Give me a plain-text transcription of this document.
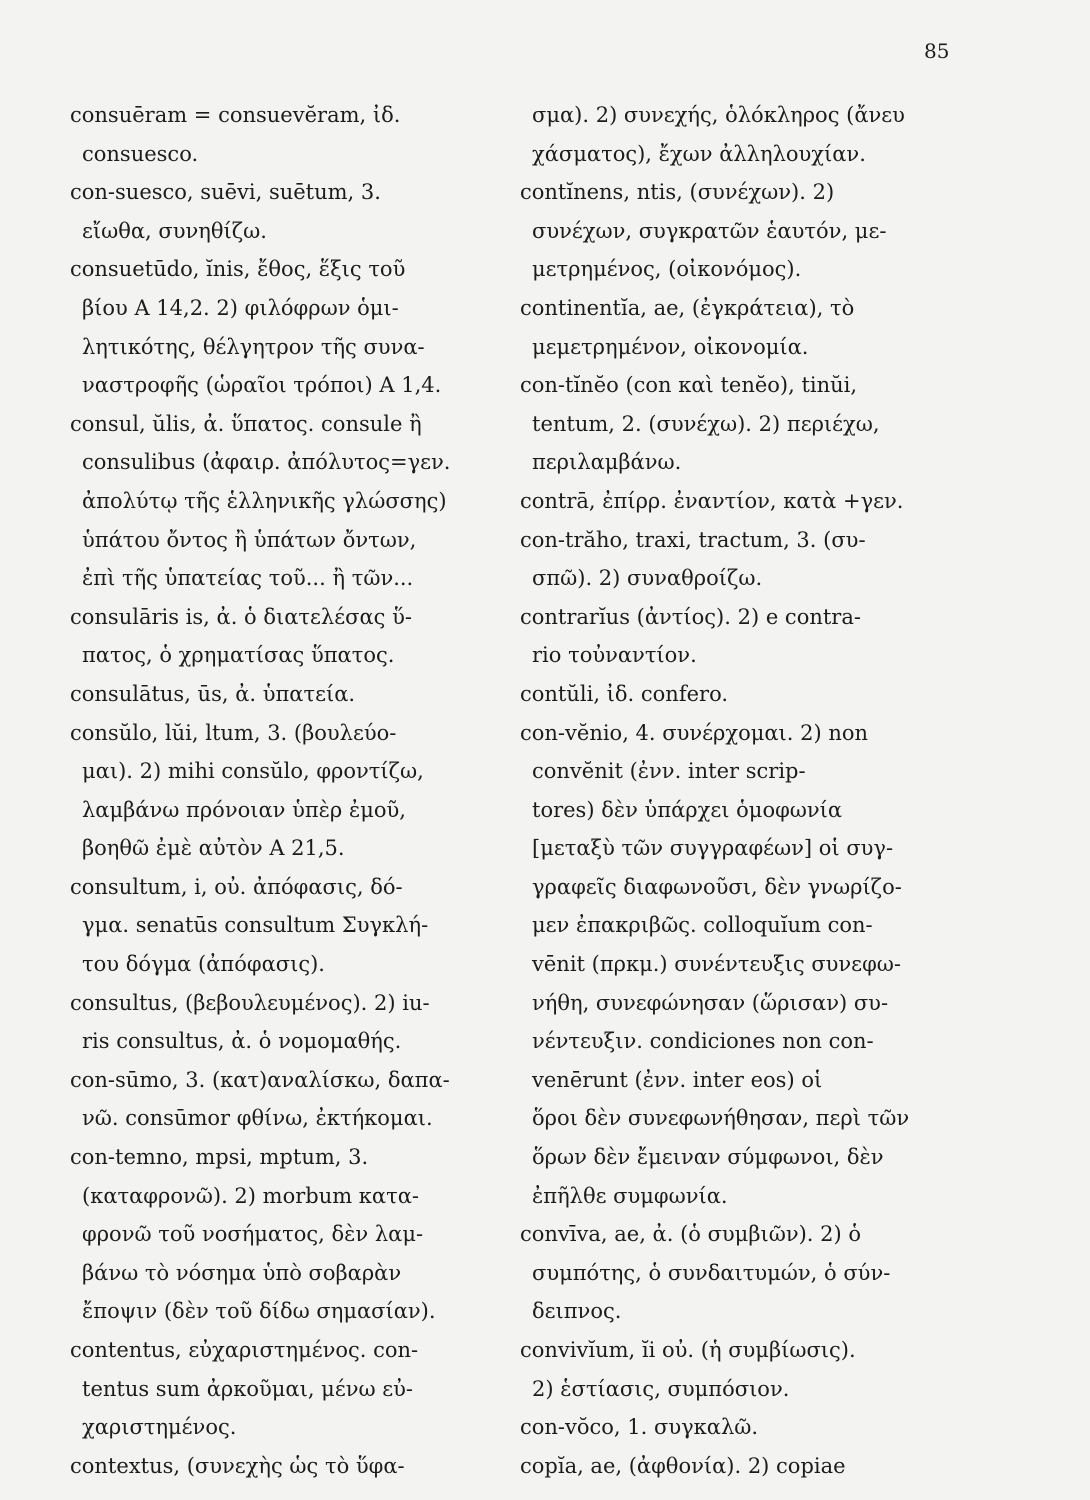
85
consuēram = consuevĕram, ἰδ.
consuesco.
con-suesco, suēvi, suētum, 3.
εἴωθα, συνηθίζω.
consuetūdo, ĭnis, ἔθος, ἕξις τοῦ
βίου Α 14,2. 2) φιλόφρων ὁμι-
λητικότης, θέλγητρον τῆς συνα-
ναστροφῆς (ὡραῖοι τρόποι) Α 1,4.
consul, ŭlis, ἀ. ὕπατος. consule ἢ
consulibus (ἀφαιρ. ἀπόλυτος=γεν.
ἀπολύτῳ τῆς ἑλληνικῆς γλώσσης)
ὑπάτου ὄντος ἢ ὑπάτων ὄντων,
ἐπὶ τῆς ὑπατείας τοῦ... ἢ τῶν...
consulāris is, ἀ. ὁ διατελέσας ὕ-
πατος, ὁ χρηματίσας ὕπατος.
consulātus, ūs, ἀ. ὑπατεία.
consŭlo, lŭi, ltum, 3. (βουλεύο-
μαι). 2) mihi consŭlo, φροντίζω,
λαμβάνω πρόνοιαν ὑπὲρ ἐμοῦ,
βοηθῶ ἐμὲ αὐτὸν Α 21,5.
consultum, i, οὐ. ἀπόφασις, δό-
γμα. senatūs consultum Συγκλή-
του δόγμα (ἀπόφασις).
consultus, (βεβουλευμένος). 2) iu-
ris consultus, ἀ. ὁ νομομαθής.
con-sūmo, 3. (κατ)αναλίσκω, δαπα-
νῶ. consūmor φθίνω, ἐκτήκομαι.
con-temno, mpsi, mptum, 3.
(καταφρονῶ). 2) morbum κατα-
φρονῶ τοῦ νοσήματος, δὲν λαμ-
βάνω τὸ νόσημα ὑπὸ σοβαρὰν
ἔποψιν (δὲν τοῦ δίδω σημασίαν).
contentus, εὐχαριστημένος. con-
tentus sum ἀρκοῦμαι, μένω εὐ-
χαριστημένος.
contextus, (συνεχὴς ὡς τὸ ὕφα-
σμα). 2) συνεχής, ὁλόκληρος (ἄνευ
χάσματος), ἔχων ἀλληλουχίαν.
contĭnens, ntis, (συνέχων). 2)
συνέχων, συγκρατῶν ἑαυτόν, με-
μετρημένος, (οἰκονόμος).
continentĭa, ae, (ἐγκράτεια), τὸ
μεμετρημένον, οἰκονομία.
con-tĭnĕo (con καὶ tenĕo), tinŭi,
tentum, 2. (συνέχω). 2) περιέχω,
περιλαμβάνω.
contrā, ἐπίρρ. ἐναντίον, κατὰ +γεν.
con-trăho, traxi, tractum, 3. (συ-
σπῶ). 2) συναθροίζω.
contrarĭus (ἀντίος). 2) e contra-
rio τοὐναντίον.
contŭli, ἰδ. confero.
con-vĕnio, 4. συνέρχομαι. 2) non
convĕnit (ἐνν. inter scrip-
tores) δὲν ὑπάρχει ὁμοφωνία
[μεταξὺ τῶν συγγραφέων] οἱ συγ-
γραφεῖς διαφωνοῦσι, δὲν γνωρίζο-
μεν ἐπακριβῶς. colloquĭum con-
vēnit (πρκμ.) συνέντευξις συνεφω-
νήθη, συνεφώνησαν (ὥρισαν) συ-
νέντευξιν. condiciones non con-
venērunt (ἐνν. inter eos) οἱ
ὅροι δὲν συνεφωνήθησαν, περὶ τῶν
ὅρων δὲν ἔμειναν σύμφωνοι, δὲν
ἐπῆλθε συμφωνία.
convīva, ae, ἀ. (ὁ συμβιῶν). 2) ὁ
συμπότης, ὁ συνδαιτυμών, ὁ σύν-
δειπνος.
convivĭum, ĭi οὐ. (ἡ συμβίωσις).
2) ἑστίασις, συμπόσιον.
con-vŏco, 1. συγκαλῶ.
copĭa, ae, (ἀφθονία). 2) copiae
